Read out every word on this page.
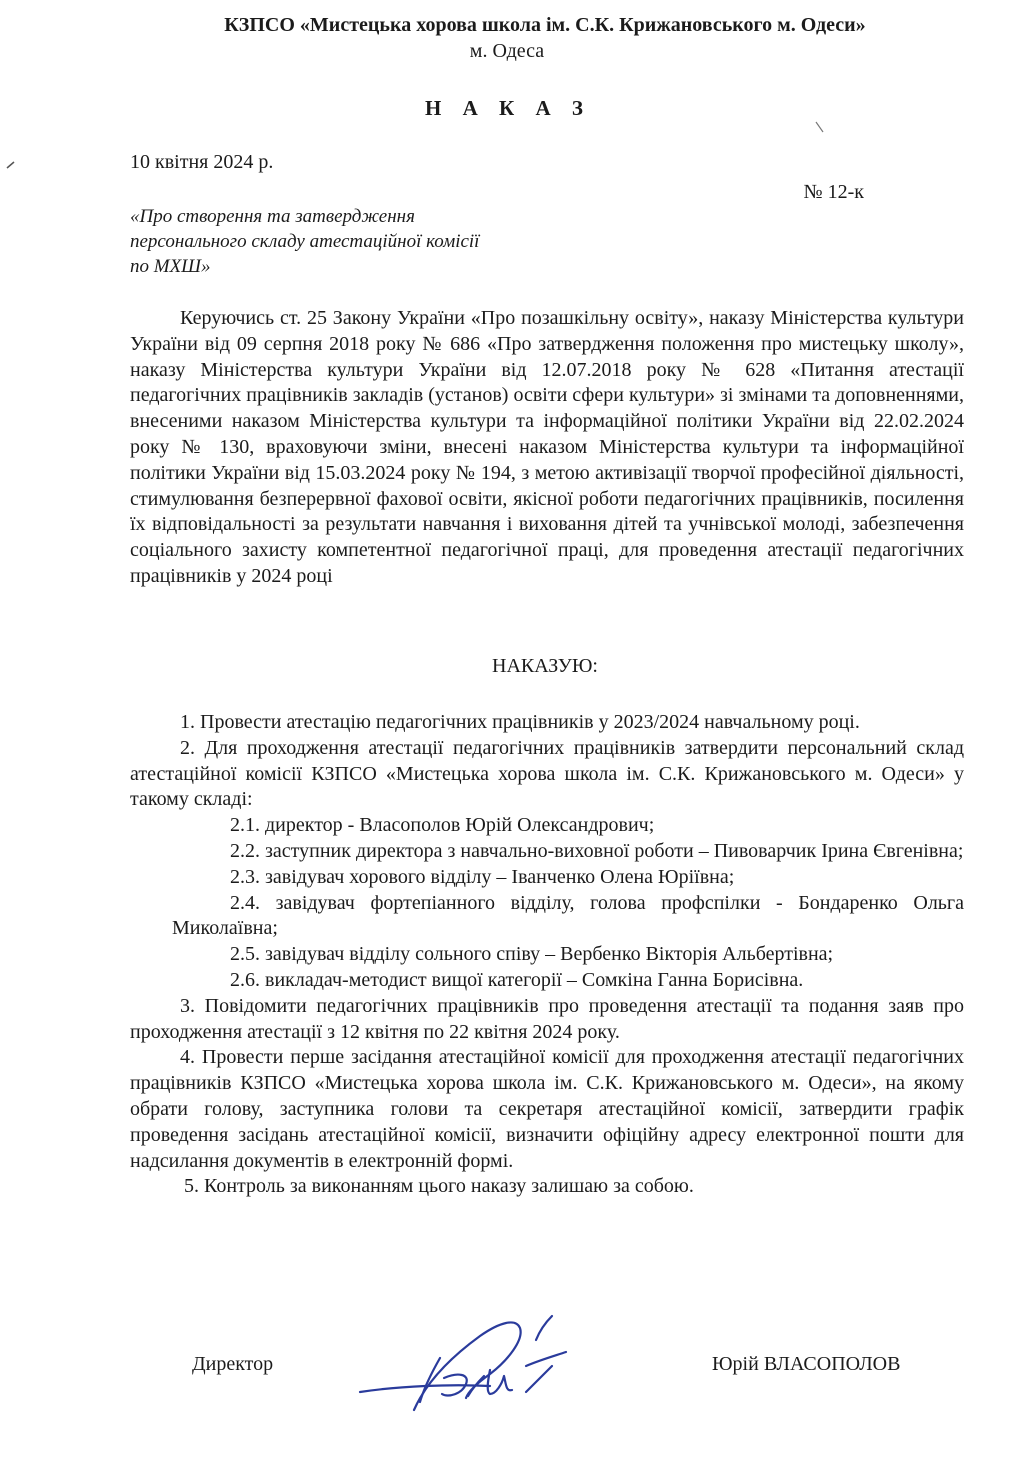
КЗПСО «Мистецька хорова школа ім. С.К. Крижановського м. Одеси»

м. Одеса

Н А К А З

10 квітня 2024 р.

№ 12-к

«Про створення та затвердження персонального складу атестаційної комісії по МХШ»

Керуючись ст. 25 Закону України «Про позашкільну освіту», наказу Міністерства культури України від 09 серпня 2018 року № 686 «Про затвердження положення про мистецьку школу», наказу Міністерства культури України від 12.07.2018 року № 628 «Питання атестації педагогічних працівників закладів (установ) освіти сфери культури» зі змінами та доповненнями, внесеними наказом Міністерства культури та інформаційної політики України від 22.02.2024 року № 130, враховуючи зміни, внесені наказом Міністерства культури та інформаційної політики України від 15.03.2024 року № 194, з метою активізації творчої професійної діяльності, стимулювання безперервної фахової освіти, якісної роботи педагогічних працівників, посилення їх відповідальності за результати навчання і виховання дітей та учнівської молоді, забезпечення соціального захисту компетентної педагогічної праці, для проведення атестації педагогічних працівників у 2024 році

НАКАЗУЮ:

1. Провести атестацію педагогічних працівників у 2023/2024 навчальному році.

2. Для проходження атестації педагогічних працівників затвердити персональний склад атестаційної комісії КЗПСО «Мистецька хорова школа ім. С.К. Крижановського м. Одеси» у такому складі:

2.1. директор - Власополов Юрій Олександрович;

2.2. заступник директора з навчально-виховної роботи – Пивоварчик Ірина Євгенівна;

2.3. завідувач хорового відділу – Іванченко Олена Юріївна;

2.4. завідувач фортепіанного відділу, голова профспілки - Бондаренко Ольга Миколаївна;

2.5. завідувач відділу сольного співу – Вербенко Вікторія Альбертівна;

2.6. викладач-методист вищої категорії – Сомкіна Ганна Борисівна.

3. Повідомити педагогічних працівників про проведення атестації та подання заяв про проходження атестації з 12 квітня по 22 квітня 2024 року.

4. Провести перше засідання атестаційної комісії для проходження атестації педагогічних працівників КЗПСО «Мистецька хорова школа ім. С.К. Крижановського м. Одеси», на якому обрати голову, заступника голови та секретаря атестаційної комісії, затвердити графік проведення засідань атестаційної комісії, визначити офіційну адресу електронної пошти для надсилання документів в електронній формі.

5. Контроль за виконанням цього наказу залишаю за собою.

Директор	Юрій ВЛАСОПОЛОВ
